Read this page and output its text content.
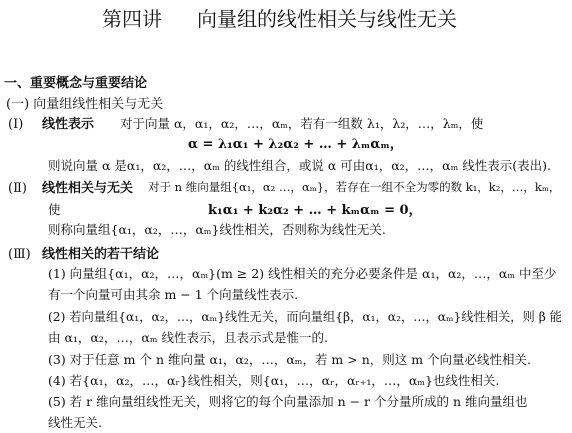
第四讲 向量组的线性相关与线性无关
一、重要概念与重要结论
(一) 向量组线性相关与无关
(Ⅰ) 线性表示 对于向量 α，α₁，α₂，…，αₘ，若有一组数 λ₁，λ₂，…，λₘ，使
α = λ₁α₁ + λ₂α₂ + … + λₘαₘ，
则说向量 α 是α₁，α₂，…，αₘ 的线性组合，或说 α 可由α₁，α₂，…，αₘ 线性表示(表出).
(Ⅱ) 线性相关与无关 对于 n 维向量组{α₁，α₂ …，αₘ}，若存在一组不全为零的数 k₁，k₂，…，kₘ，
使	k₁α₁ + k₂α₂ + … + kₘαₘ = 0，
则称向量组{α₁，α₂，…，αₘ}线性相关，否则称为线性无关.
(Ⅲ) 线性相关的若干结论
(1) 向量组{α₁，α₂，…，αₘ}(m ≥ 2) 线性相关的充分必要条件是 α₁，α₂，…，αₘ 中至少
有一个向量可由其余 m − 1 个向量线性表示.
(2) 若向量组{α₁，α₂，…，αₘ}线性无关，而向量组{β，α₁，α₂，…，αₘ}线性相关，则 β 能
由 α₁，α₂，…，αₘ 线性表示，且表示式是惟一的.
(3) 对于任意 m 个 n 维向量 α₁，α₂，…，αₘ，若 m > n，则这 m 个向量必线性相关.
(4) 若{α₁，α₂，…，αᵣ}线性相关，则{α₁，…，αᵣ，αᵣ₊₁，…，αₘ}也线性相关.
(5) 若 r 维向量组线性无关，则将它的每个向量添加 n − r 个分量所成的 n 维向量组也
线性无关.
